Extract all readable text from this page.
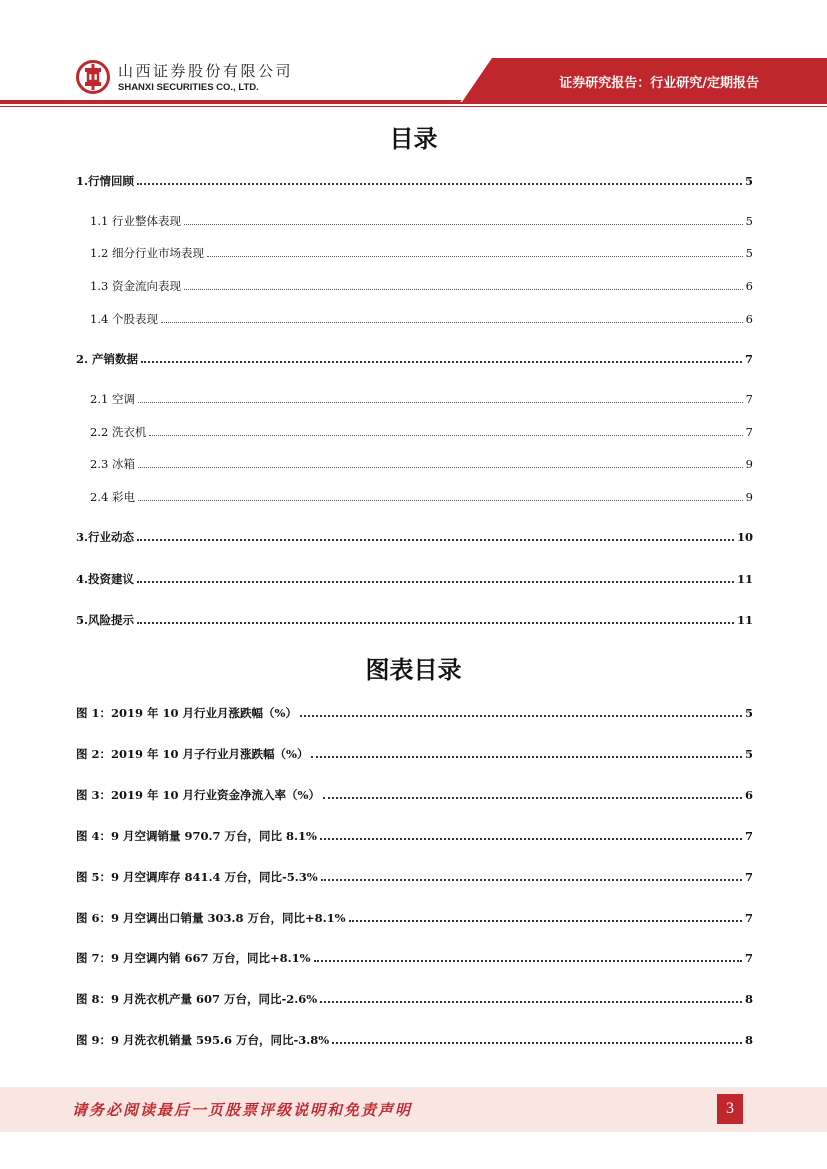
山西证券股份有限公司
SHANXI SECURITIES CO., LTD.	证券研究报告：行业研究/定期报告
目录
1.行情回顾	5
1.1 行业整体表现	5
1.2 细分行业市场表现	5
1.3 资金流向表现	6
1.4 个股表现	6
2. 产销数据	7
2.1 空调	7
2.2 洗衣机	7
2.3 冰箱	9
2.4 彩电	9
3.行业动态	10
4.投资建议	11
5.风险提示	11
图表目录
图 1：2019 年 10 月行业月涨跌幅（%）	5
图 2：2019 年 10 月子行业月涨跌幅（%）	5
图 3：2019 年 10 月行业资金净流入率（%）	6
图 4：9 月空调销量 970.7 万台，同比 8.1%	7
图 5：9 月空调库存 841.4 万台，同比-5.3%	7
图 6：9 月空调出口销量 303.8 万台，同比+8.1%	7
图 7：9 月空调内销 667 万台，同比+8.1%	7
图 8：9 月洗衣机产量 607 万台，同比-2.6%	8
图 9：9 月洗衣机销量 595.6 万台，同比-3.8%	8
请务必阅读最后一页股票评级说明和免责声明	3
